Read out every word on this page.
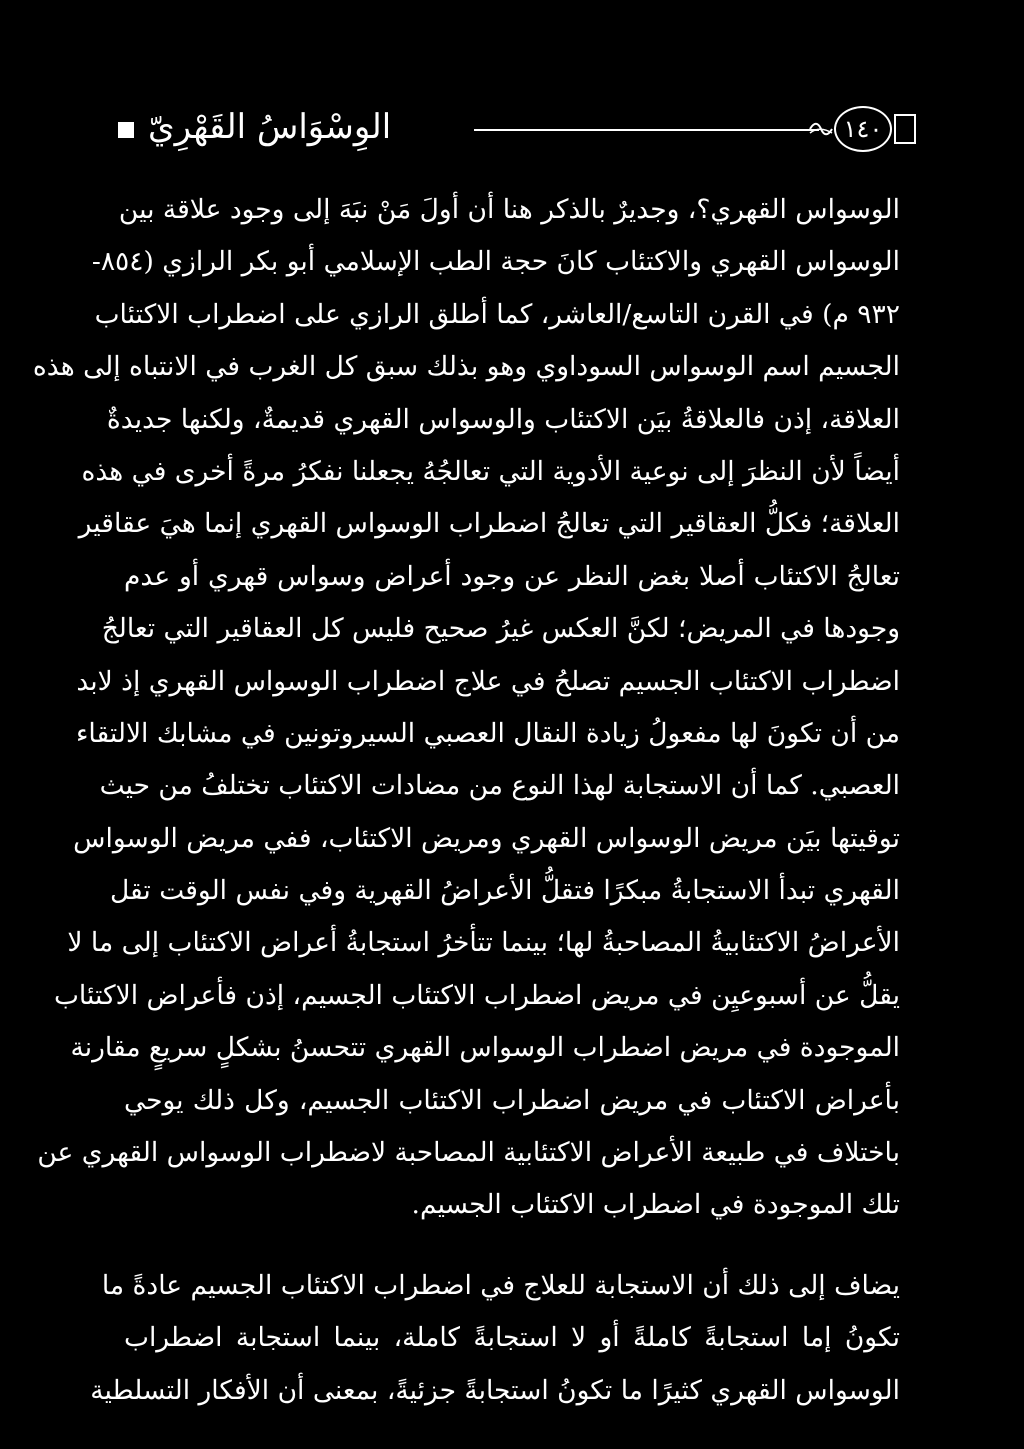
الوِسْوَاسُ القَهْرِيّ	١٤٠
الوسواس القهري؟، وجديرٌ بالذكر هنا أن أولَ مَنْ نبَهَ إلى وجود علاقة بين
الوسواس القهري والاكتئاب كانَ حجة الطب الإسلامي أبو بكر الرازي (٨٥٤-
٩٣٢ م) في القرن التاسع/العاشر، كما أطلق الرازي على اضطراب الاكتئاب
الجسيم اسم الوسواس السوداوي وهو بذلك سبق كل الغرب في الانتباه إلى هذه
العلاقة، إذن فالعلاقةُ بيَن الاكتئاب والوسواس القهري قديمةٌ، ولكنها جديدةٌ
أيضاً لأن النظرَ إلى نوعية الأدوية التي تعالجُهُ يجعلنا نفكرُ مرةً أخرى في هذه
العلاقة؛ فكلُّ العقاقير التي تعالجُ اضطراب الوسواس القهري إنما هيَ عقاقير
تعالجُ الاكتئاب أصلا بغض النظر عن وجود أعراض وسواس قهري أو عدم
وجودها في المريض؛ لكنَّ العكس غيرُ صحيح فليس كل العقاقير التي تعالجُ
اضطراب الاكتئاب الجسيم تصلحُ في علاج اضطراب الوسواس القهري إذ لابد
من أن تكونَ لها مفعولُ زيادة النقال العصبي السيروتونين في مشابك الالتقاء
العصبي. كما أن الاستجابة لهذا النوع من مضادات الاكتئاب تختلفُ من حيث
توقيتها بيَن مريض الوسواس القهري ومريض الاكتئاب، ففي مريض الوسواس
القهري تبدأ الاستجابةُ مبكرًا فتقلُّ الأعراضُ القهرية وفي نفس الوقت تقل
الأعراضُ الاكتئابيةُ المصاحبةُ لها؛ بينما تتأخرُ استجابةُ أعراض الاكتئاب إلى ما لا
يقلُّ عن أسبوعيِن في مريض اضطراب الاكتئاب الجسيم، إذن فأعراض الاكتئاب
الموجودة في مريض اضطراب الوسواس القهري تتحسنُ بشكلٍ سريعٍ مقارنة
بأعراض الاكتئاب في مريض اضطراب الاكتئاب الجسيم، وكل ذلك يوحي
باختلاف في طبيعة الأعراض الاكتئابية المصاحبة لاضطراب الوسواس القهري عن
تلك الموجودة في اضطراب الاكتئاب الجسيم.
يضاف إلى ذلك أن الاستجابة للعلاج في اضطراب الاكتئاب الجسيم عادةً ما
تكونُ إما استجابةً كاملةً أو لا استجابةً كاملة، بينما استجابة اضطراب
الوسواس القهري كثيرًا ما تكونُ استجابةً جزئيةً، بمعنى أن الأفكار التسلطية
